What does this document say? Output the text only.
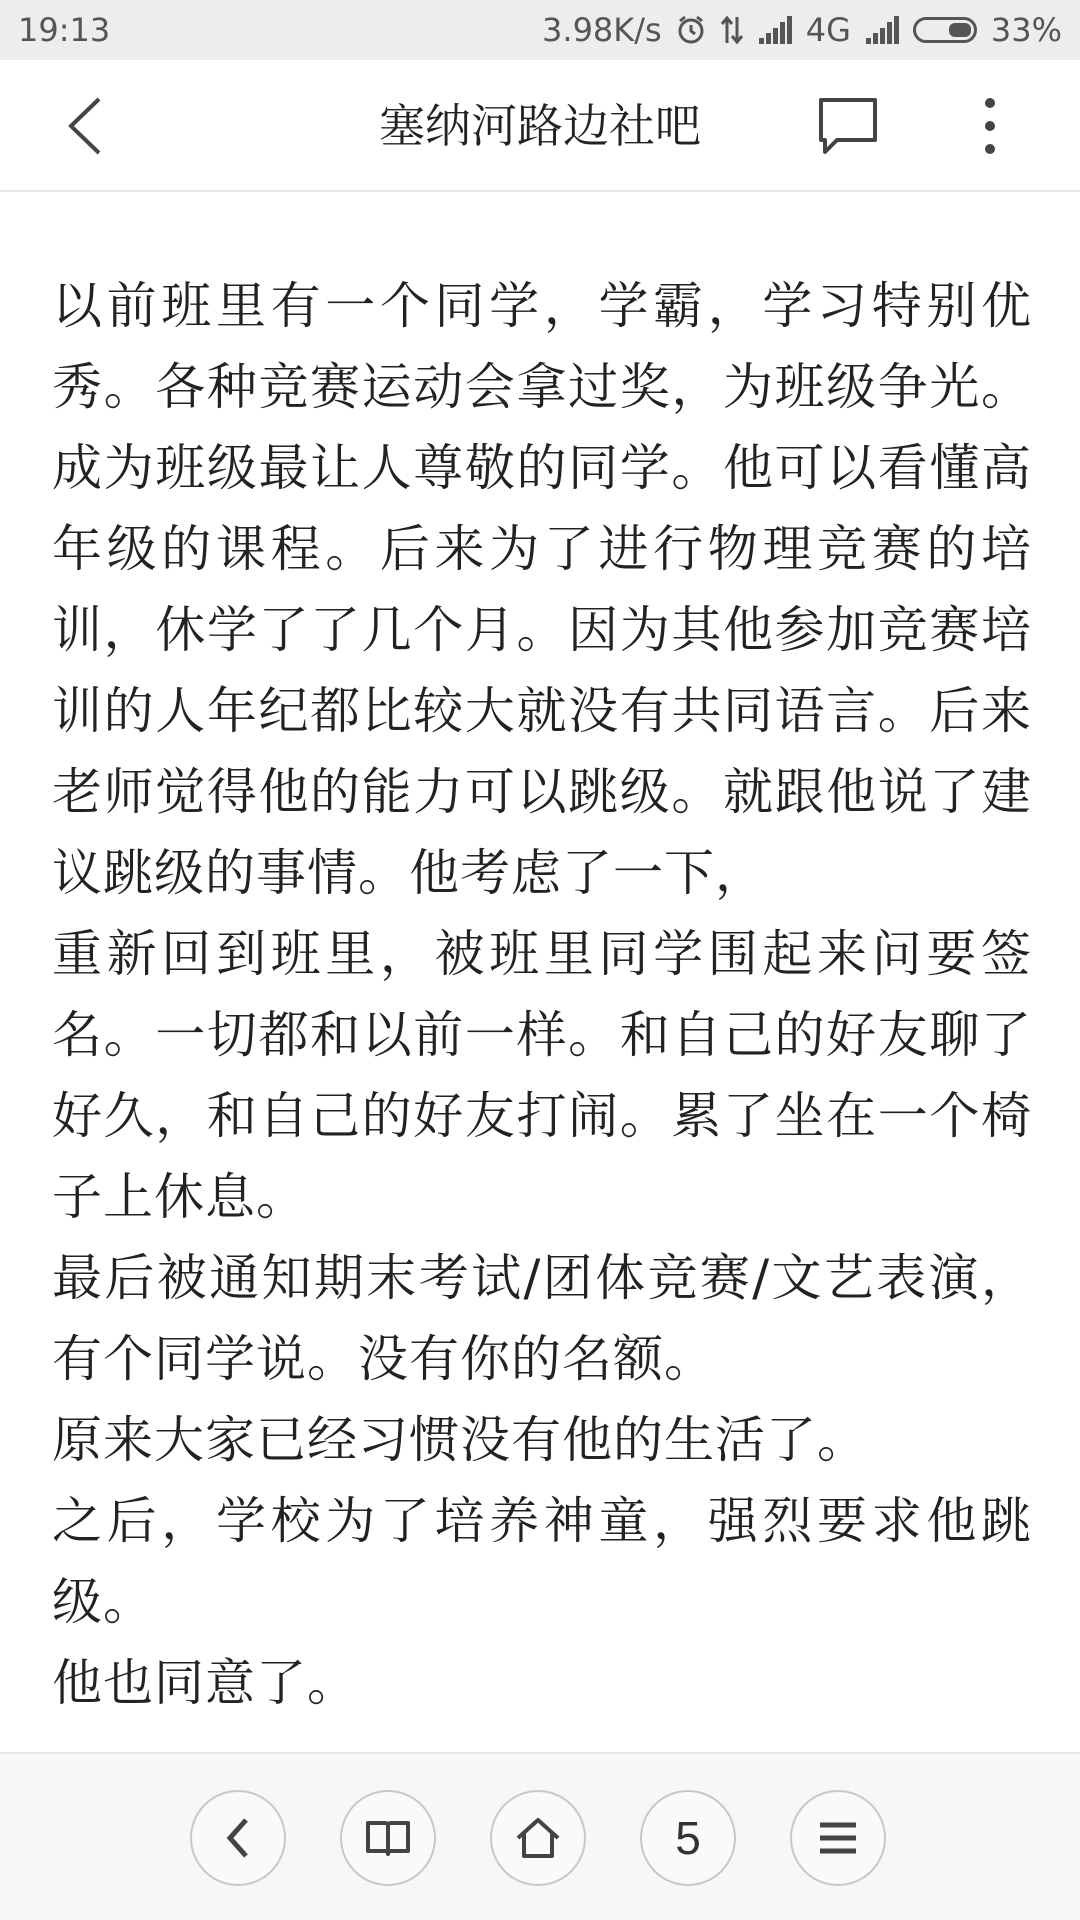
19:13	3.98K/s	4G	33%
塞纳河路边社吧

以前班里有一个同学，学霸，学习特别优秀。各种竞赛运动会拿过奖，为班级争光。成为班级最让人尊敬的同学。他可以看懂高年级的课程。后来为了进行物理竞赛的培训，休学了了几个月。因为其他参加竞赛培训的人年纪都比较大就没有共同语言。后来老师觉得他的能力可以跳级。就跟他说了建议跳级的事情。他考虑了一下，

重新回到班里，被班里同学围起来问要签名。一切都和以前一样。和自己的好友聊了好久，和自己的好友打闹。累了坐在一个椅子上休息。

最后被通知期末考试/团体竞赛/文艺表演，有个同学说。没有你的名额。

原来大家已经习惯没有他的生活了。

之后，学校为了培养神童，强烈要求他跳级。

他也同意了。

5
